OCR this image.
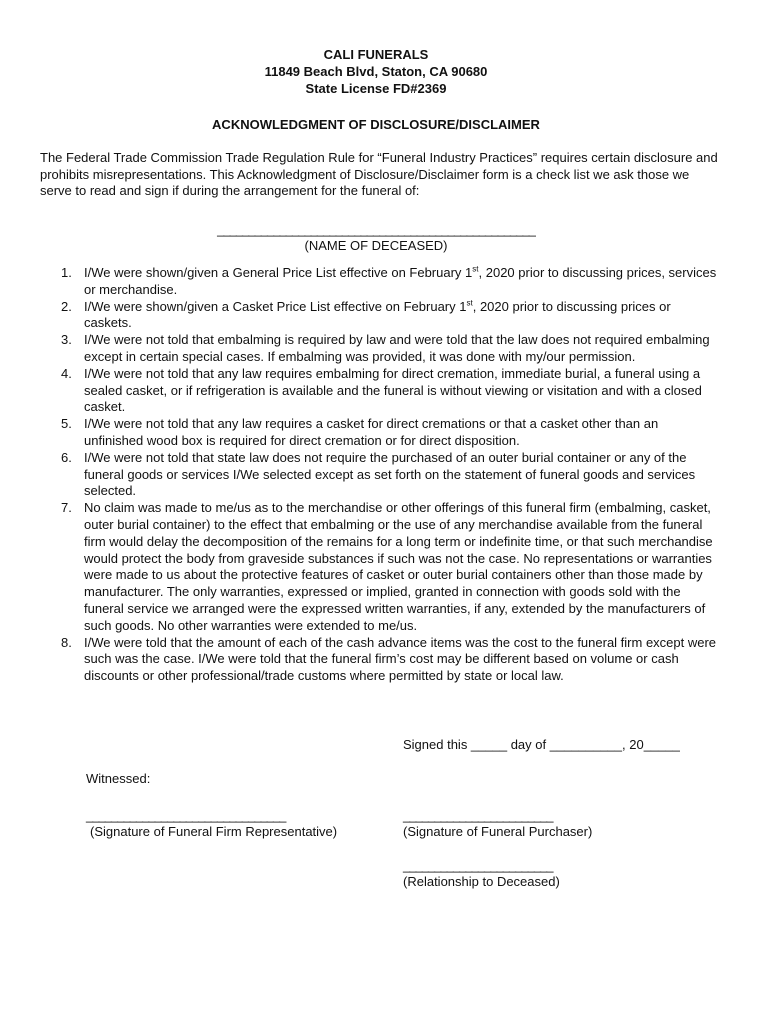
CALI FUNERALS
11849 Beach Blvd, Staton, CA 90680
State License FD#2369
ACKNOWLEDGMENT OF DISCLOSURE/DISCLAIMER
The Federal Trade Commission Trade Regulation Rule for “Funeral Industry Practices” requires certain disclosure and prohibits misrepresentations. This Acknowledgment of Disclosure/Disclaimer form is a check list we ask those we serve to read and sign if during the arrangement for the funeral of:
___________________________________________________
(NAME OF DECEASED)
1. I/We were shown/given a General Price List effective on February 1st, 2020 prior to discussing prices, services or merchandise.
2. I/We were shown/given a Casket Price List effective on February 1st, 2020 prior to discussing prices or caskets.
3. I/We were not told that embalming is required by law and were told that the law does not required embalming except in certain special cases. If embalming was provided, it was done with my/our permission.
4. I/We were not told that any law requires embalming for direct cremation, immediate burial, a funeral using a sealed casket, or if refrigeration is available and the funeral is without viewing or visitation and with a closed casket.
5. I/We were not told that any law requires a casket for direct cremations or that a casket other than an unfinished wood box is required for direct cremation or for direct disposition.
6. I/We were not told that state law does not require the purchased of an outer burial container or any of the funeral goods or services I/We selected except as set forth on the statement of funeral goods and services selected.
7. No claim was made to me/us as to the merchandise or other offerings of this funeral firm (embalming, casket, outer burial container) to the effect that embalming or the use of any merchandise available from the funeral firm would delay the decomposition of the remains for a long term or indefinite time, or that such merchandise would protect the body from graveside substances if such was not the case. No representations or warranties were made to us about the protective features of casket or outer burial containers other than those made by manufacturer. The only warranties, expressed or implied, granted in connection with goods sold with the funeral service we arranged were the expressed written warranties, if any, extended by the manufacturers of such goods. No other warranties were extended to me/us.
8. I/We were told that the amount of each of the cash advance items was the cost to the funeral firm except were such was the case. I/We were told that the funeral firm’s cost may be different based on volume or cash discounts or other professional/trade customs where permitted by state or local law.
Signed this _____ day of __________, 20_____
Witnessed:
________________________________
(Signature of Funeral Firm Representative)
________________________
(Signature of Funeral Purchaser)
________________________
(Relationship to Deceased)
